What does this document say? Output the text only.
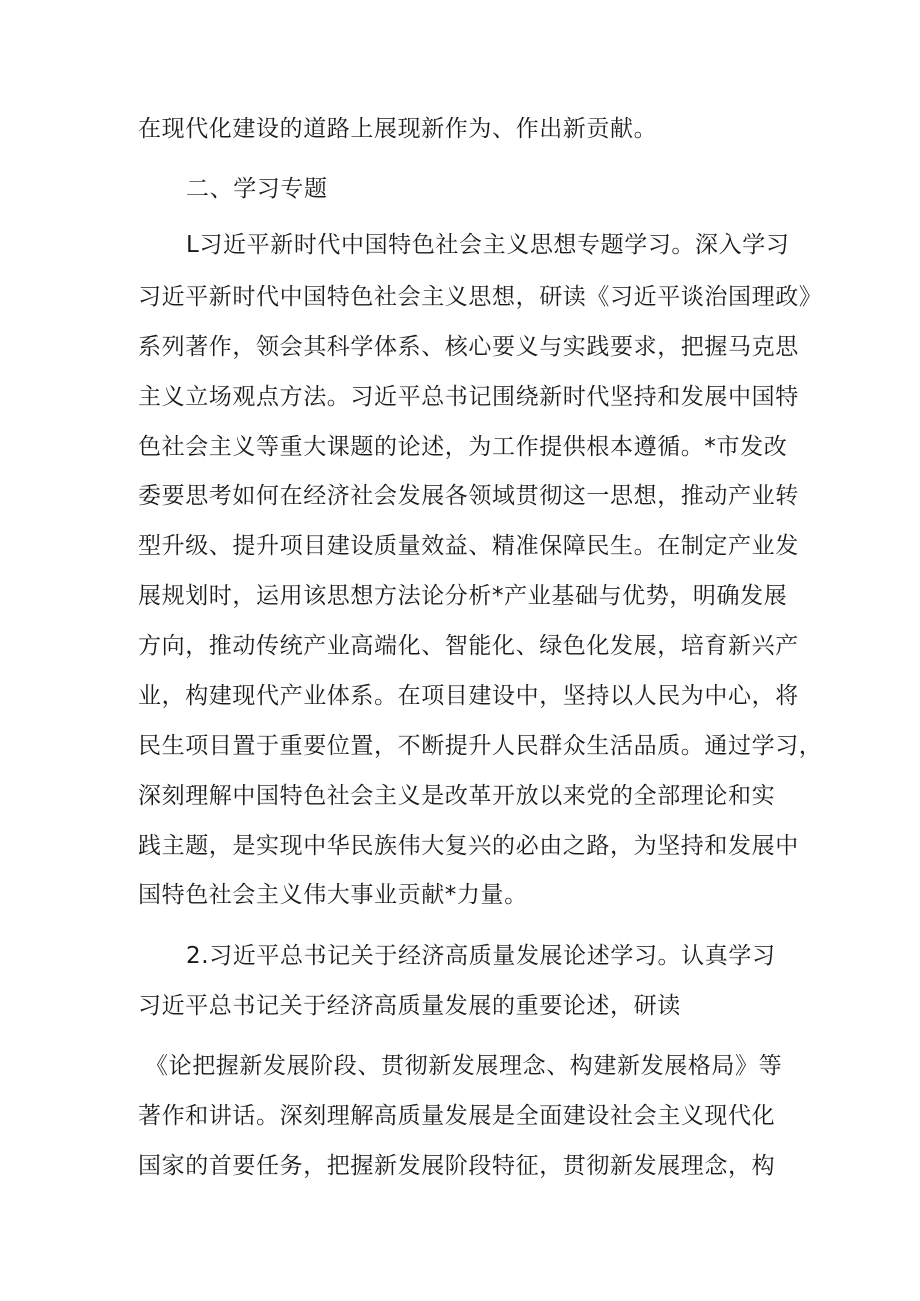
在现代化建设的道路上展现新作为、作出新贡献。
二、学习专题
L习近平新时代中国特色社会主义思想专题学习。深入学习
习近平新时代中国特色社会主义思想，研读《习近平谈治国理政》
系列著作，领会其科学体系、核心要义与实践要求，把握马克思
主义立场观点方法。习近平总书记围绕新时代坚持和发展中国特
色社会主义等重大课题的论述，为工作提供根本遵循。*市发改
委要思考如何在经济社会发展各领域贯彻这一思想，推动产业转
型升级、提升项目建设质量效益、精准保障民生。在制定产业发
展规划时，运用该思想方法论分析*产业基础与优势，明确发展
方向，推动传统产业高端化、智能化、绿色化发展，培育新兴产
业，构建现代产业体系。在项目建设中，坚持以人民为中心，将
民生项目置于重要位置，不断提升人民群众生活品质。通过学习，
深刻理解中国特色社会主义是改革开放以来党的全部理论和实
践主题，是实现中华民族伟大复兴的必由之路，为坚持和发展中
国特色社会主义伟大事业贡献*力量。
2.习近平总书记关于经济高质量发展论述学习。认真学习
习近平总书记关于经济高质量发展的重要论述，研读
《论把握新发展阶段、贯彻新发展理念、构建新发展格局》等
著作和讲话。深刻理解高质量发展是全面建设社会主义现代化
国家的首要任务，把握新发展阶段特征，贯彻新发展理念，构
